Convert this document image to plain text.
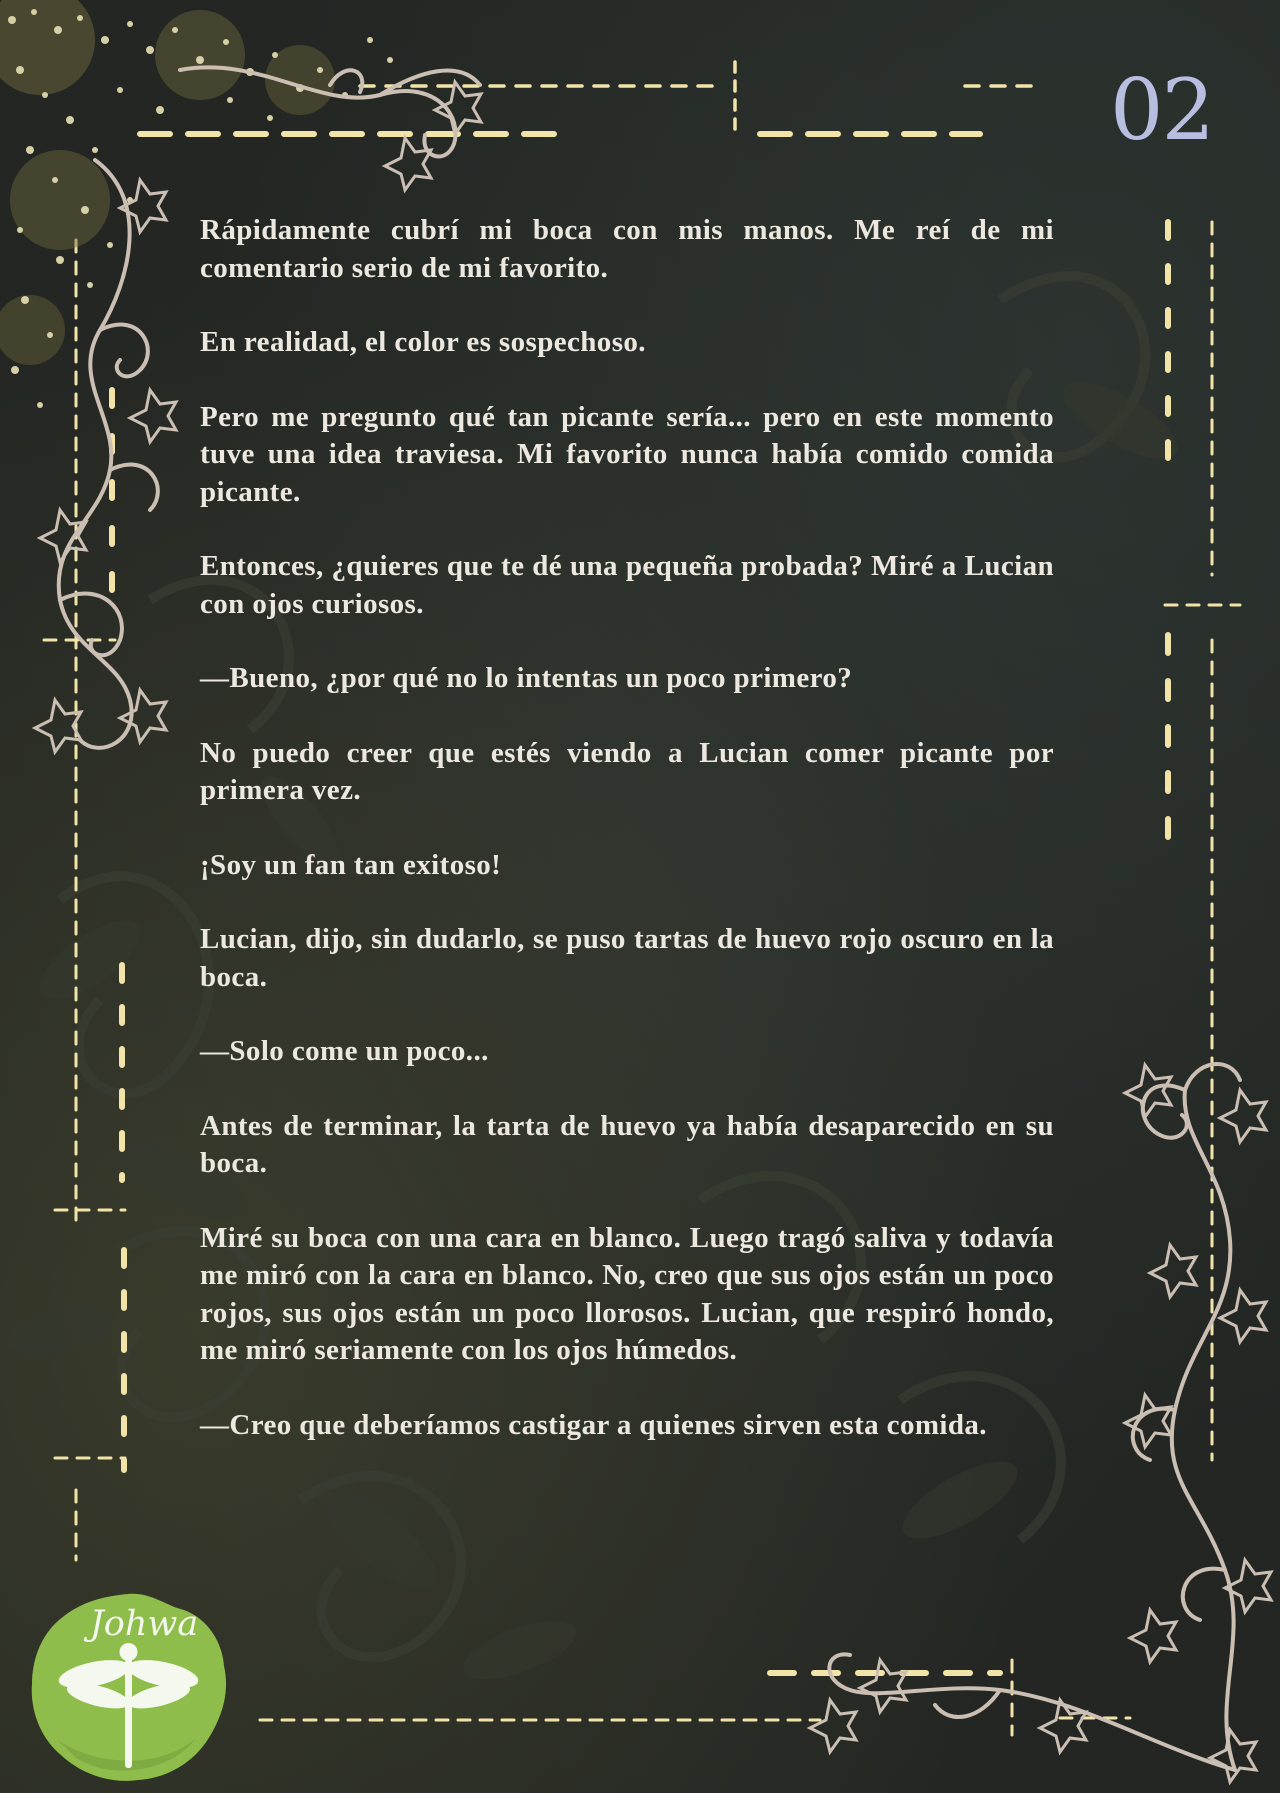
02

Rápidamente cubrí mi boca con mis manos. Me reí de mi comentario serio de mi favorito.

En realidad, el color es sospechoso.

Pero me pregunto qué tan picante sería... pero en este momento tuve una idea traviesa. Mi favorito nunca había comido comida picante.

Entonces, ¿quieres que te dé una pequeña probada? Miré a Lucian con ojos curiosos.

—Bueno, ¿por qué no lo intentas un poco primero?

No puedo creer que estés viendo a Lucian comer picante por primera vez.

¡Soy un fan tan exitoso!

Lucian, dijo, sin dudarlo, se puso tartas de huevo rojo oscuro en la boca.

—Solo come un poco...

Antes de terminar, la tarta de huevo ya había desaparecido en su boca.

Miré su boca con una cara en blanco. Luego tragó saliva y todavía me miró con la cara en blanco. No, creo que sus ojos están un poco rojos, sus ojos están un poco llorosos. Lucian, que respiró hondo, me miró seriamente con los ojos húmedos.

—Creo que deberíamos castigar a quienes sirven esta comida.

Johwa
